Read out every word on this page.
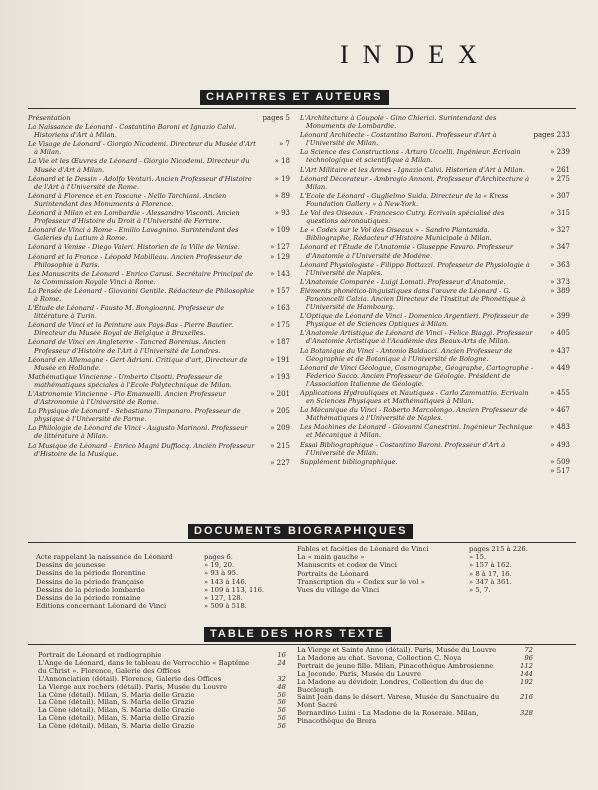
INDEX
CHAPITRES ET AUTEURS
Présentation	pages 5
La Naissance de Léonard - Costantino Baroni et Ignazio Calvi. Historiens d'Art à Milan.
Le Visage de Léonard - Giorgio Nicodemi. Directeur du Musée d'Art à Milan.
» 7
La Vie et les Œuvres de Léonard - Giorgio Nicodemi. Directeur du Musée d'Art à Milan.
» 18
Léonard et le Dessin - Adolfo Venturi. Ancien Professeur d'Histoire de l'Art à l'Université de Rome.
» 19
Léonard à Florence et en Toscane - Nello Tarchiani. Ancien Surintendant des Monuments à Florence.
» 89
Léonard à Milan et en Lombardie - Alessandro Visconti. Ancien Professeur d'Histoire du Droit à l'Université de Ferrare.
» 93
Léonard de Vinci à Rome - Emilio Lavagnino. Surintendant des Galeries du Latium à Rome.
» 109
Léonard à Venise - Diego Valeri. Historien de la Ville de Venise.	» 127
Léonard et la France - Léopold Mabilleau. Ancien Professeur de Philosophie à Paris.
» 129
Les Manuscrits de Léonard - Enrico Carusi. Secrétaire Principal de la Commission Royale Vinci à Rome.
» 143
La Pensée de Léonard - Giovanni Gentile. Rédacteur de Philosophie à Rome.
» 157
L'Étude de Léonard - Fausto M. Bongioanni. Professeur de littérature à Turin.
» 163
Léonard de Vinci et la Peinture aux Pays-Bas - Pierre Bautier. Directeur du Musée Royal de Belgique à Bruxelles.
» 175
Léonard de Vinci en Angleterre - Tancred Borenius. Ancien Professeur d'Histoire de l'Art à l'Université de Londres.
» 187
Léonard en Allemagne - Gert Adriani. Critique d'art, Directeur de Musée en Hollande.
» 191
Mathématique Vincienne - Umberto Cisotti. Professeur de mathématiques spéciales à l'Ecole Polytechnique de Milan.
» 193
L'Astronomie Vincienne - Pio Emanuelli. Ancien Professeur d'Astronomie à l'Université de Rome.
» 201
La Physique de Léonard - Sebastiano Timpanaro. Professeur de physique à l'Université de Parme.
» 205
La Philologie de Léonard de Vinci - Augusto Marinoni. Professeur de littérature à Milan.
» 209
La Musique de Léonard - Enrico Magni Dufflocq. Ancien Professeur d'Histoire de la Musique.
» 215
» 227
L'Architecture à Coupole - Gino Chierici. Surintendant des Monuments de Lombardie.
Léonard Architecte - Costantino Baroni. Professeur d'Art à l'Université de Milan.
pages 233
La Science des Constructions - Arturo Uccelli. Ingénieur. Ecrivain technologique et scientifique à Milan.
» 239
L'Art Militaire et les Armes - Ignazio Calvi. Historien d'Art à Milan.	» 261
Léonard Décorateur - Ambrogio Annoni. Professeur d'Architecture à Milan.
» 275
L'Ecole de Léonard - Guglielmo Suida. Directeur de la « Kress Foundation Gallery » à New-York.
» 307
Le Vol des Oiseaux - Francesco Cutry. Ecrivain spécialisé des questions aéronautiques.
» 315
Le « Codex sur le Vol des Oiseaux » - Sandro Piantanida. Bibliographe, Rédacteur d'Histoire Municipale à Milan.
» 327
Léonard et l'Étude de l'Anatomie - Giuseppe Favaro. Professeur d'Anatomie à l'Université de Modène.
» 347
Léonard Physiologiste - Filippo Bottazzi. Professeur de Physiologie à l'Université de Naples.
» 363
L'Anatomie Comparée - Luigi Lomati. Professeur d'Anatomie.	» 373
Éléments phonético-linguistiques dans l'œuvre de Léonard - G. Panconcelli Calzia. Ancien Directeur de l'Institut de Phonétique à l'Université de Hambourg.
» 389
L'Optique de Léonard de Vinci - Domenico Argentieri. Professeur de Physique et de Sciences Optiques à Milan.
» 399
L'Anatomie Artistique de Léonard de Vinci - Felice Biaggi. Professeur d'Anatomie Artistique à l'Académie des Beaux-Arts de Milan.
» 405
La Botanique du Vinci - Antonio Baldacci. Ancien Professeur de Géographie et de Botanique à l'Université de Bologne.
» 437
Léonard de Vinci Géologue, Cosmographe, Géographe, Cartographe - Federico Sacco. Ancien Professeur de Géologie. Président de l'Association Italienne de Géologie.
» 449
Applications Hydrauliques et Nautiques - Carlo Zammattio. Ecrivain en Sciences Physiques et Mathématiques à Milan.
» 455
La Mécanique du Vinci - Roberto Marcolongo. Ancien Professeur de Mathématiques à l'Université de Naples.
» 467
Les Machines de Léonard - Giovanni Canestrini. Ingénieur Technique et Mécanique à Milan.
» 483
Essai Bibliographique - Costantino Baroni. Professeur d'Art à l'Université de Milan.
» 493
Supplément bibliographique.	» 509
» 517
DOCUMENTS BIOGRAPHIQUES
Acte rappelant la naissance de Léonard	pages 6.
Dessins de jeunesse	» 19, 20.
Dessins de la période florentine	» 93 à 95.
Dessins de la période française	» 143 à 146.
Dessins de la période lombarde	» 109 à 113, 116.
Dessins de la période romaine	» 127, 128.
Editions concernant Léonard de Vinci	» 509 à 518.
Fables et facéties de Léonard de Vinci	pages 215 à 226.
La « main gauche »	» 15.
Manuscrits et codex de Vinci	» 157 à 162.
Portraits de Léonard	» 8 à 17, 16.
Transcription du « Codex sur le vol »	» 347 à 361.
Vues du village de Vinci	» 5, 7.
TABLE DES HORS TEXTE
Portrait de Léonard et radiographie	16
L'Ange de Léonard, dans le tableau de Verrocchio « Baptême du Christ ». Florence, Galerie des Offices
24
L'Annonciation (détail). Florence, Galerie des Offices	32
La Vierge aux rochers (détail). Paris, Musée du Louvre	48
La Cène (détail). Milan, S. Maria delle Grazie	56
La Cène (détail). Milan, S. Maria delle Grazie	56
La Cène (détail). Milan, S. Maria delle Grazie	56
La Cène (détail). Milan, S. Maria delle Grazie	56
La Cène (détail). Milan, S. Maria delle Grazie	56
La Vierge et Sainte Anne (détail). Paris, Musée du Louvre	72
La Madone au chat. Savona, Collection C. Noya	96
Portrait de jeune fille. Milan, Pinacothèque Ambrosienne	112
La Joconde. Paris, Musée du Louvre	144
La Madone au dévidoir. Londres, Collection du duc de Buccleugh
192
Saint Jean dans le désert. Varese, Musée du Sanctuaire du Mont Sacré
216
Bernardino Luini : La Madone de la Roseraie. Milan, Pinacothèque de Brera
328
